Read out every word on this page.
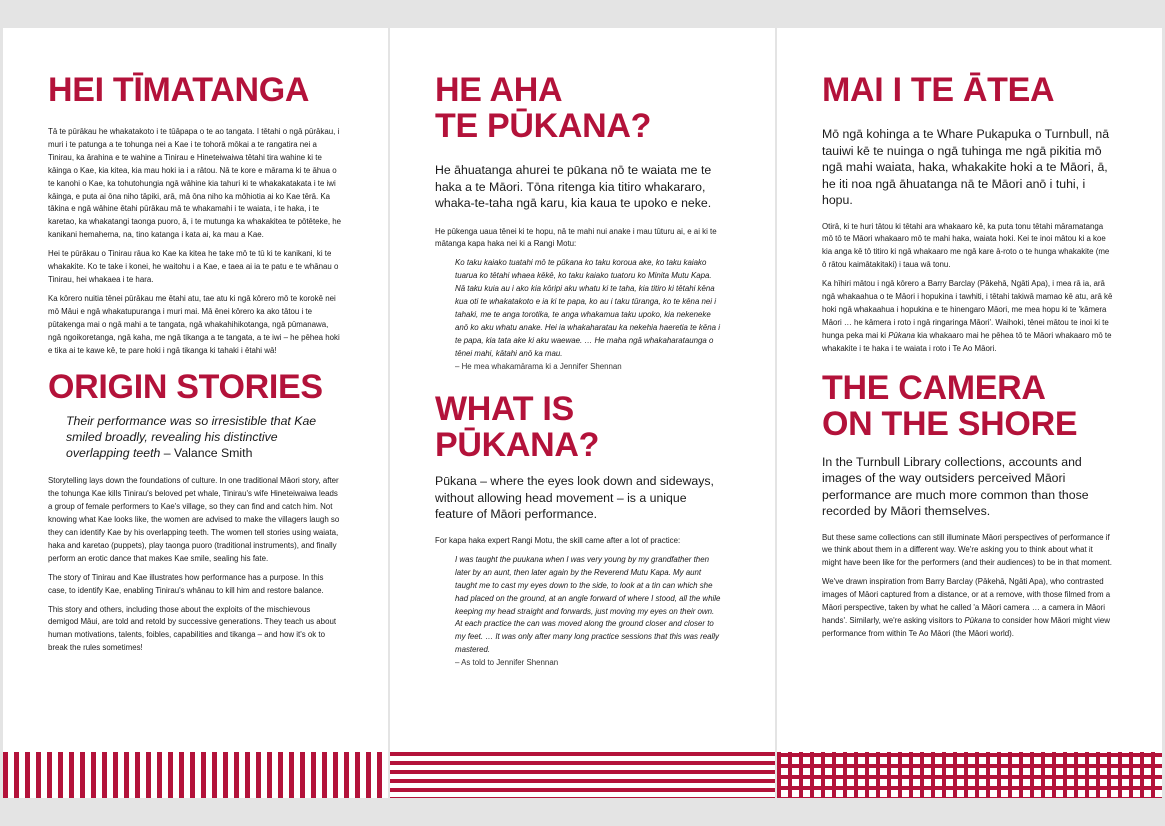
HEI TĪMATANGA

Tā te pūrākau he whakatakoto i te tūāpapa o te ao tangata. I tētahi o ngā pūrākau, i muri i te patunga a te tohunga nei a Kae i te tohorā mōkai a te rangatira nei a Tinirau, ka ārahina e te wahine a Tinirau e Hineteiwaiwa tētahi tira wahine ki te kāinga o Kae, kia kitea, kia mau hoki ia i a rātou. Nā te kore e mārama ki te āhua o te kanohi o Kae, ka tohutohungia ngā wāhine kia tahuri ki te whakakatakata i te iwi kāinga, e puta ai ōna niho tāpiki, arā, mā ōna niho ka mōhiotia ai ko Kae tērā. Ka tākina e ngā wāhine ētahi pūrākau mā te whakamahi i te waiata, i te haka, i te karetao, ka whakatangi taonga puoro, ā, i te mutunga ka whakakitea te pōtēteke, he kanikani hemahema, na, tino katanga i kata ai, ka mau a Kae.

Hei te pūrākau o Tinirau rāua ko Kae ka kitea he take mō te tū ki te kanikani, ki te whakakite. Ko te take i konei, he waitohu i a Kae, e taea ai ia te patu e te whānau o Tinirau, hei whakaea i te hara.

Ka kōrero nuitia tēnei pūrākau me ētahi atu, tae atu ki ngā kōrero mō te korokē nei mō Māui e ngā whakatupuranga i muri mai. Mā ēnei kōrero ka ako tātou i te pūtakenga mai o ngā mahi a te tangata, ngā whakahihikotanga, ngā pūmanawa, ngā ngoikoretanga, ngā kaha, me ngā tikanga a te tangata, a te iwi – he pēhea hoki e tika ai te kawe kē, te pare hoki i ngā tikanga ki tahaki i ētahi wā!

ORIGIN STORIES
Their performance was so irresistible that Kae smiled broadly, revealing his distinctive overlapping teeth – Valance Smith

Storytelling lays down the foundations of culture. In one traditional Māori story, after the tohunga Kae kills Tinirau's beloved pet whale, Tinirau's wife Hineteiwaiwa leads a group of female performers to Kae's village, so they can find and catch him. Not knowing what Kae looks like, the women are advised to make the villagers laugh so they can identify Kae by his overlapping teeth. The women tell stories using waiata, haka and karetao (puppets), play taonga puoro (traditional instruments), and finally perform an erotic dance that makes Kae smile, sealing his fate.

The story of Tinirau and Kae illustrates how performance has a purpose. In this case, to identify Kae, enabling Tinirau's whānau to kill him and restore balance.

This story and others, including those about the exploits of the mischievous demigod Māui, are told and retold by successive generations. They teach us about human motivations, talents, foibles, capabilities and tikanga – and how it's ok to break the rules sometimes!

HE AHA
TE PŪKANA?

He āhuatanga ahurei te pūkana nō te waiata me te haka a te Māori. Tōna ritenga kia titiro whakararo, whaka-te-taha ngā karu, kia kaua te upoko e neke.

He pūkenga uaua tēnei ki te hopu, nā te mahi nui anake i mau tūturu ai, e ai ki te mātanga kapa haka nei ki a Rangi Motu:

Ko taku kaiako tuatahi mō te pūkana ko taku koroua ake, ko taku kaiako tuarua ko tētahi whaea kēkē, ko taku kaiako tuatoru ko Minita Mutu Kapa. Nā taku kuia au i ako kia kōripi aku whatu ki te taha, kia titiro ki tētahi kēna kua oti te whakatakoto e ia ki te papa, ko au i taku tūranga, ko te kēna nei i tahaki, me te anga torotika, te anga whakamua taku upoko, kia nekeneke anō ko aku whatu anake. Hei ia whakaharatau ka nekehia haeretia te kēna i te papa, kia tata ake ki aku waewae. … He maha ngā whakaharataunga o tēnei mahi, kātahi anō ka mau.

– He mea whakamārama ki a Jennifer Shennan

WHAT IS PŪKANA?

Pūkana – where the eyes look down and sideways, without allowing head movement – is a unique feature of Māori performance.

For kapa haka expert Rangi Motu, the skill came after a lot of practice:

I was taught the puukana when I was very young by my grandfather then later by an aunt, then later again by the Reverend Mutu Kapa. My aunt taught me to cast my eyes down to the side, to look at a tin can which she had placed on the ground, at an angle forward of where I stood, all the while keeping my head straight and forwards, just moving my eyes on their own. At each practice the can was moved along the ground closer and closer to my feet. … It was only after many long practice sessions that this was really mastered.

– As told to Jennifer Shennan

MAI I TE ĀTEA

Mō ngā kohinga a te Whare Pukapuka o Turnbull, nā tauiwi kē te nuinga o ngā tuhinga me ngā pikitia mō ngā mahi waiata, haka, whakakite hoki a te Māori, ā, he iti noa ngā āhuatanga nā te Māori anō i tuhi, i hopu.

Otirā, ki te huri tātou ki tētahi ara whakaaro kē, ka puta tonu tētahi māramatanga mō tō te Māori whakaaro mō te mahi haka, waiata hoki. Kei te inoi mātou ki a koe kia anga kē tō titiro ki ngā whakaaro me ngā kare ā-roto o te hunga whakakite (me ō rātou kaimātakitaki) i taua wā tonu.

Ka hīhiri mātou i ngā kōrero a Barry Barclay (Pākehā, Ngāti Apa), i mea rā ia, arā ngā whakaahua o te Māori i hopukina i tawhiti, i tētahi takiwā mamao kē atu, arā kē hoki ngā whakaahua i hopukina e te hinengaro Māori, me mea hopu ki te 'kāmera Māori … he kāmera i roto i ngā ringaringa Māori'. Waihoki, tēnei mātou te inoi ki te hunga peka mai ki Pūkana kia whakaaro mai he pēhea tō te Māori whakaaro mō te whakakite i te haka i te waiata i roto i Te Ao Māori.

THE CAMERA
ON THE SHORE

In the Turnbull Library collections, accounts and images of the way outsiders perceived Māori performance are much more common than those recorded by Māori themselves.

But these same collections can still illuminate Māori perspectives of performance if we think about them in a different way. We're asking you to think about what it might have been like for the performers (and their audiences) to be in that moment.

We've drawn inspiration from Barry Barclay (Pākehā, Ngāti Apa), who contrasted images of Māori captured from a distance, or at a remove, with those filmed from a Māori perspective, taken by what he called 'a Māori camera … a camera in Māori hands'. Similarly, we're asking visitors to Pūkana to consider how Māori might view performance from within Te Ao Māori (the Māori world).
